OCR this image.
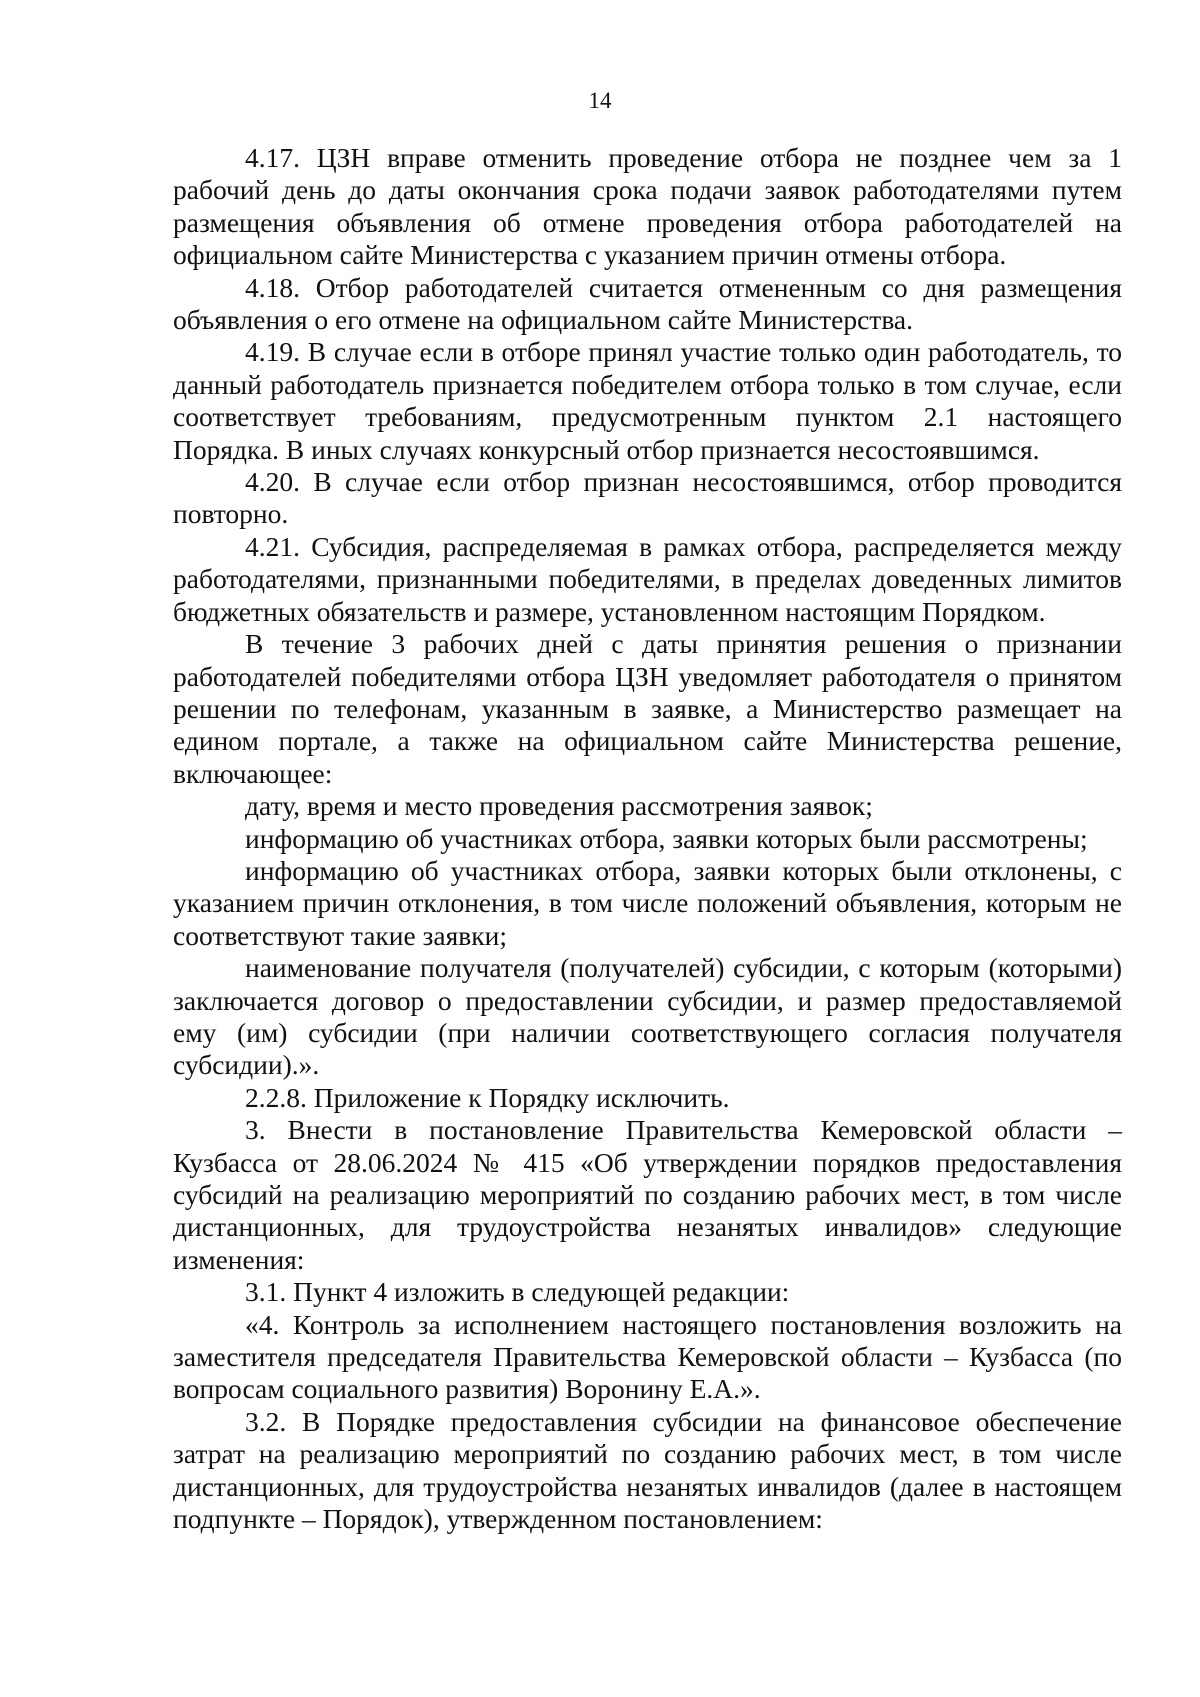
14

4.17. ЦЗН вправе отменить проведение отбора не позднее чем за 1 рабочий день до даты окончания срока подачи заявок работодателями путем размещения объявления об отмене проведения отбора работодателей на официальном сайте Министерства с указанием причин отмены отбора.

4.18. Отбор работодателей считается отмененным со дня размещения объявления о его отмене на официальном сайте Министерства.

4.19. В случае если в отборе принял участие только один работодатель, то данный работодатель признается победителем отбора только в том случае, если соответствует требованиям, предусмотренным пунктом 2.1 настоящего Порядка. В иных случаях конкурсный отбор признается несостоявшимся.

4.20. В случае если отбор признан несостоявшимся, отбор проводится повторно.

4.21. Субсидия, распределяемая в рамках отбора, распределяется между работодателями, признанными победителями, в пределах доведенных лимитов бюджетных обязательств и размере, установленном настоящим Порядком.

В течение 3 рабочих дней с даты принятия решения о признании работодателей победителями отбора ЦЗН уведомляет работодателя о принятом решении по телефонам, указанным в заявке, а Министерство размещает на едином портале, а также на официальном сайте Министерства решение, включающее:

дату, время и место проведения рассмотрения заявок;

информацию об участниках отбора, заявки которых были рассмотрены;

информацию об участниках отбора, заявки которых были отклонены, с указанием причин отклонения, в том числе положений объявления, которым не соответствуют такие заявки;

наименование получателя (получателей) субсидии, с которым (которыми) заключается договор о предоставлении субсидии, и размер предоставляемой ему (им) субсидии (при наличии соответствующего согласия получателя субсидии).».

2.2.8. Приложение к Порядку исключить.

3. Внести в постановление Правительства Кемеровской области – Кузбасса от 28.06.2024 № 415 «Об утверждении порядков предоставления субсидий на реализацию мероприятий по созданию рабочих мест, в том числе дистанционных, для трудоустройства незанятых инвалидов» следующие изменения:

3.1. Пункт 4 изложить в следующей редакции:

«4. Контроль за исполнением настоящего постановления возложить на заместителя председателя Правительства Кемеровской области – Кузбасса (по вопросам социального развития) Воронину Е.А.».

3.2. В Порядке предоставления субсидии на финансовое обеспечение затрат на реализацию мероприятий по созданию рабочих мест, в том числе дистанционных, для трудоустройства незанятых инвалидов (далее в настоящем подпункте – Порядок), утвержденном постановлением:
